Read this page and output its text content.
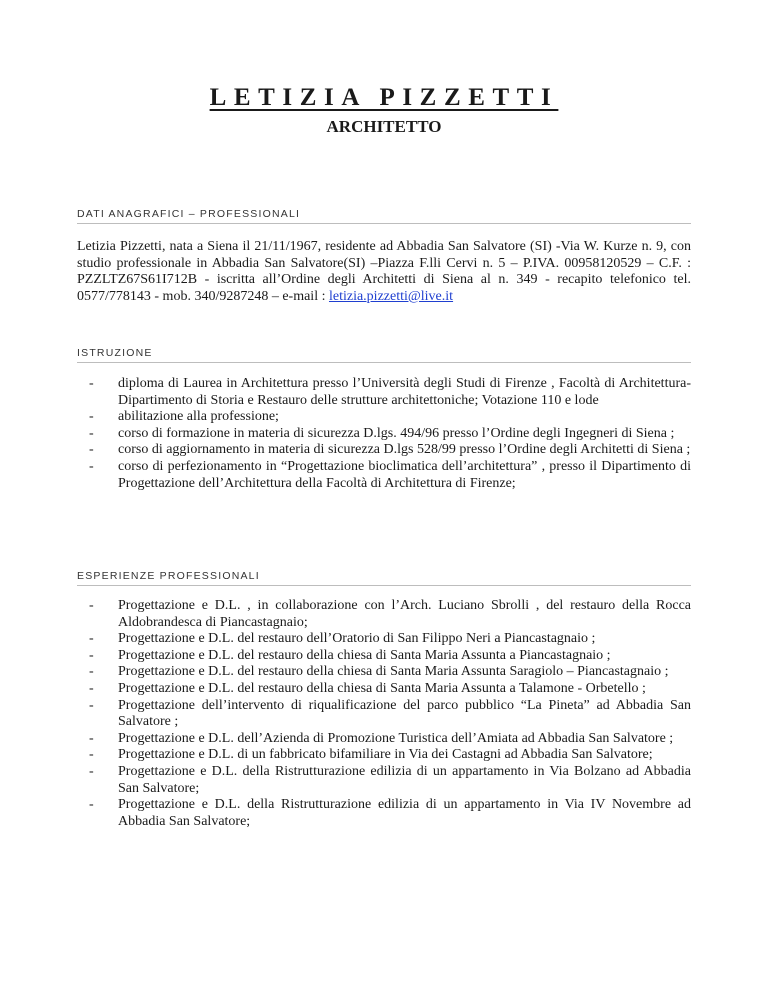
LETIZIA PIZZETTI
ARCHITETTO
DATI ANAGRAFICI – PROFESSIONALI

Letizia Pizzetti, nata a Siena il 21/11/1967, residente ad Abbadia San Salvatore (SI) -Via W. Kurze n. 9, con studio professionale in Abbadia San Salvatore(SI) –Piazza F.lli Cervi n. 5 – P.IVA. 00958120529 – C.F. : PZZLTZ67S61I712B - iscritta all’Ordine degli Architetti di Siena al n. 349 - recapito telefonico tel. 0577/778143 - mob. 340/9287248 – e-mail : letizia.pizzetti@live.it

ISTRUZIONE
- diploma di Laurea in Architettura presso l’Università degli Studi di Firenze , Facoltà di Architettura- Dipartimento di Storia e Restauro delle strutture architettoniche; Votazione 110 e lode
- abilitazione alla professione;
- corso di formazione in materia di sicurezza D.lgs. 494/96 presso l’Ordine degli Ingegneri di Siena ;
- corso di aggiornamento in materia di sicurezza D.lgs 528/99 presso l’Ordine degli Architetti di Siena ;
- corso di perfezionamento in “Progettazione bioclimatica dell’architettura” , presso il Dipartimento di Progettazione dell’Architettura della Facoltà di Architettura di Firenze;
ESPERIENZE PROFESSIONALI
- Progettazione e D.L. , in collaborazione con l’Arch. Luciano Sbrolli , del restauro della Rocca Aldobrandesca di Piancastagnaio;
- Progettazione e D.L. del restauro dell’Oratorio di San Filippo Neri a Piancastagnaio ;
- Progettazione e D.L. del restauro della chiesa di Santa Maria Assunta a Piancastagnaio ;
- Progettazione e D.L. del restauro della chiesa di Santa Maria Assunta Saragiolo – Piancastagnaio ;
- Progettazione e D.L. del restauro della chiesa di Santa Maria Assunta a Talamone - Orbetello ;
- Progettazione dell’intervento di riqualificazione del parco pubblico “La Pineta” ad Abbadia San Salvatore ;
- Progettazione e D.L. dell’Azienda di Promozione Turistica dell’Amiata ad Abbadia San Salvatore ;
- Progettazione e D.L. di un fabbricato bifamiliare in Via dei Castagni ad Abbadia San Salvatore;
- Progettazione e D.L. della Ristrutturazione edilizia di un appartamento in Via Bolzano ad Abbadia San Salvatore;
- Progettazione e D.L. della Ristrutturazione edilizia di un appartamento in Via IV Novembre ad Abbadia San Salvatore;
